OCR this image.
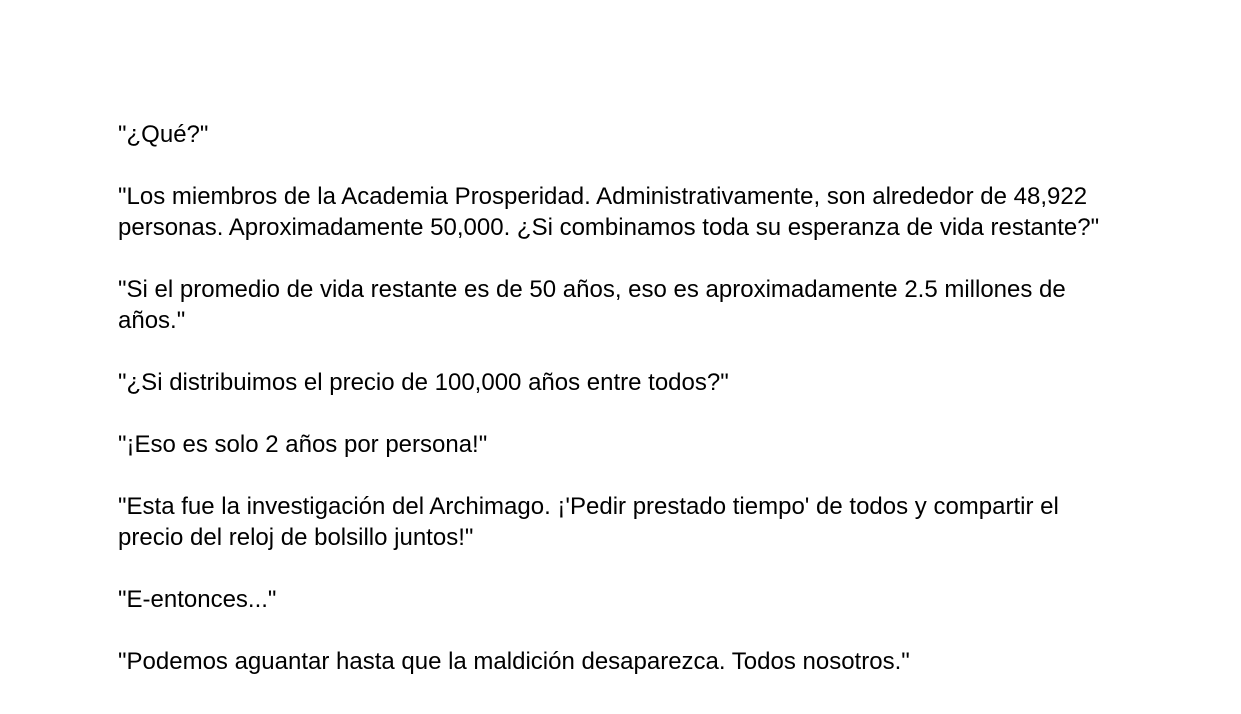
"¿Qué?"

"Los miembros de la Academia Prosperidad. Administrativamente, son alrededor de 48,922 personas. Aproximadamente 50,000. ¿Si combinamos toda su esperanza de vida restante?"

"Si el promedio de vida restante es de 50 años, eso es aproximadamente 2.5 millones de años."

"¿Si distribuimos el precio de 100,000 años entre todos?"

"¡Eso es solo 2 años por persona!"

"Esta fue la investigación del Archimago. ¡'Pedir prestado tiempo' de todos y compartir el precio del reloj de bolsillo juntos!"

"E-entonces..."

"Podemos aguantar hasta que la maldición desaparezca. Todos nosotros."
